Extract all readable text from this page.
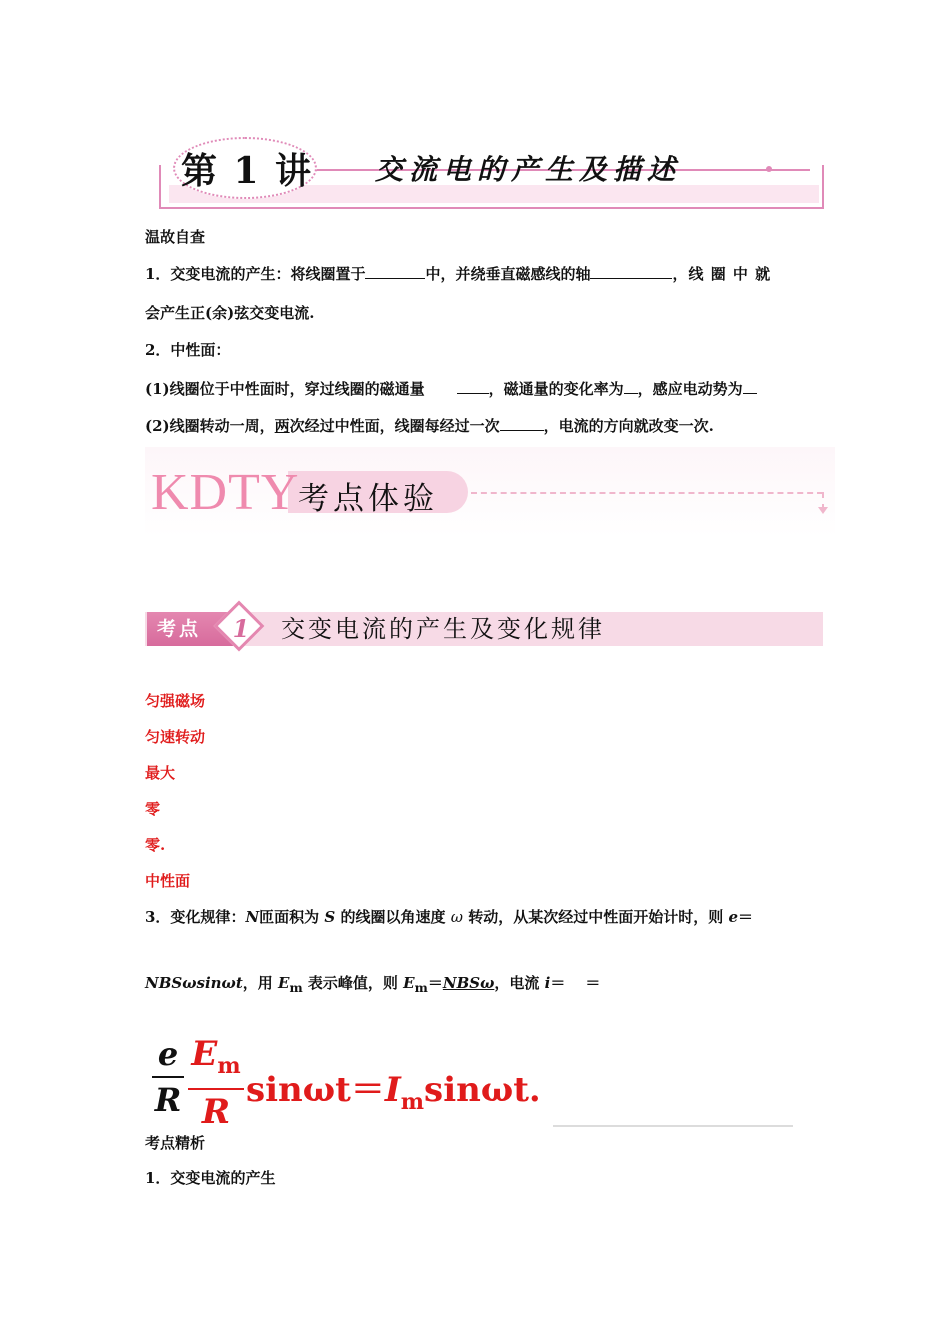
第 1 讲 交流电的产生及描述
温故自查
1．交变电流的产生：将线圈置于	中，并绕垂直磁感线的轴	，线 圈 中 就
会产生正(余)弦交变电流.
2．中性面：
(1)线圈位于中性面时，穿过线圈的磁通量	，磁通量的变化率为 ，感应电动势为
(2)线圈转动一周，两次经过中性面，线圈每经过一次	，电流的方向就改变一次.
KDTY
考点体验
考点	1 交变电流的产生及变化规律
匀强磁场
匀速转动
最大
零
零.
中性面
3．变化规律：N匝面积为 S 的线圈以角速度 ω 转动，从某次经过中性面开始计时，则 e＝
NBSωsinωt，用 $E_m$ 表示峰值，则 $E_m=NBS\omega$，电流 i＝ ＝
e
R
$E_m$
R
$\sin\omega t=I_m\sin\omega t$.
考点精析
1．交变电流的产生
